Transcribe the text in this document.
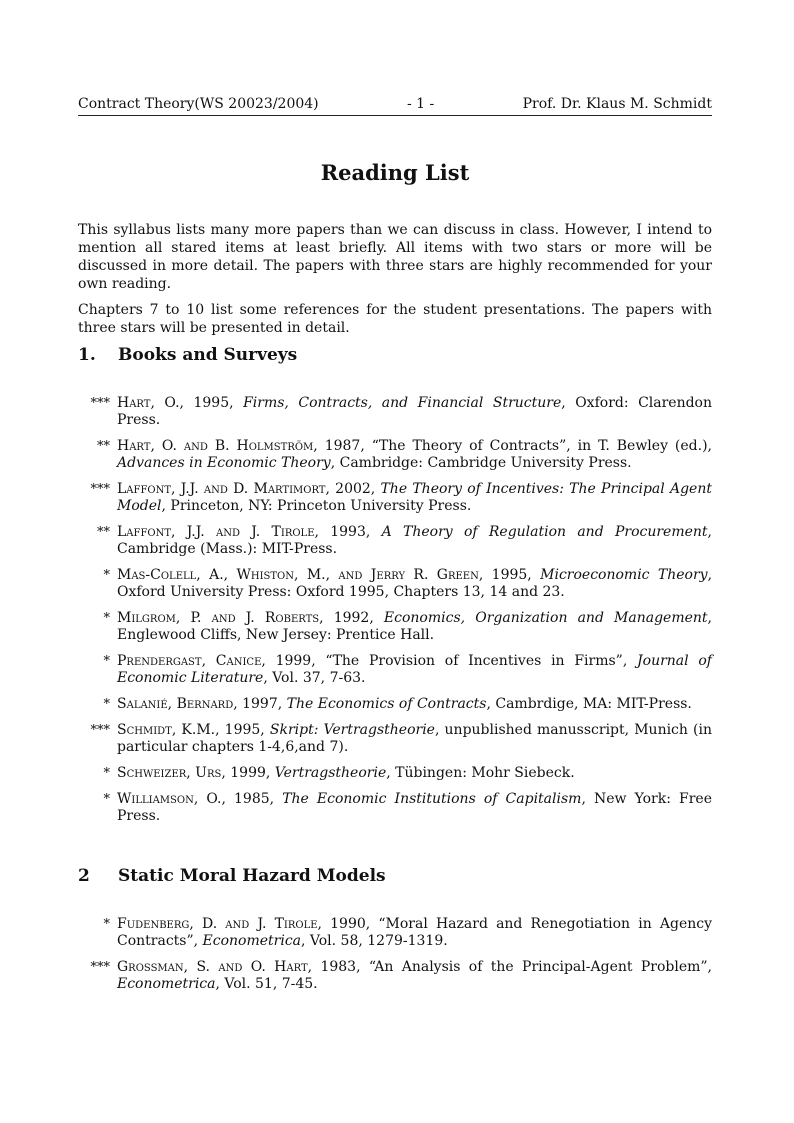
Contract Theory(WS 20023/2004)	- 1 -	Prof. Dr. Klaus M. Schmidt
Reading List

This syllabus lists many more papers than we can discuss in class. However, I intend to mention all stared items at least briefly. All items with two stars or more will be discussed in more detail. The papers with three stars are highly recommended for your own reading.

Chapters 7 to 10 list some references for the student presentations. The papers with three stars will be presented in detail.

1. Books and Surveys
*** Hart, O., 1995, Firms, Contracts, and Financial Structure, Oxford: Clarendon Press.
** Hart, O. and B. Holmström, 1987, “The Theory of Contracts”, in T. Bewley (ed.), Advances in Economic Theory, Cambridge: Cambridge University Press.
*** Laffont, J.J. and D. Martimort, 2002, The Theory of Incentives: The Principal Agent Model, Princeton, NY: Princeton University Press.
** Laffont, J.J. and J. Tirole, 1993, A Theory of Regulation and Procurement, Cambridge (Mass.): MIT-Press.
* Mas-Colell, A., Whiston, M., and Jerry R. Green, 1995, Microeconomic Theory, Oxford University Press: Oxford 1995, Chapters 13, 14 and 23.
* Milgrom, P. and J. Roberts, 1992, Economics, Organization and Management, Englewood Cliffs, New Jersey: Prentice Hall.
* Prendergast, Canice, 1999, “The Provision of Incentives in Firms”, Journal of Economic Literature, Vol. 37, 7-63.
* Salanié, Bernard, 1997, The Economics of Contracts, Cambrdige, MA: MIT-Press.
*** Schmidt, K.M., 1995, Skript: Vertragstheorie, unpublished manusscript, Munich (in particular chapters 1-4,6,and 7).
* Schweizer, Urs, 1999, Vertragstheorie, Tübingen: Mohr Siebeck.
* Williamson, O., 1985, The Economic Institutions of Capitalism, New York: Free Press.
2 Static Moral Hazard Models
* Fudenberg, D. and J. Tirole, 1990, “Moral Hazard and Renegotiation in Agency Contracts”, Econometrica, Vol. 58, 1279-1319.
*** Grossman, S. and O. Hart, 1983, “An Analysis of the Principal-Agent Problem”, Econometrica, Vol. 51, 7-45.
